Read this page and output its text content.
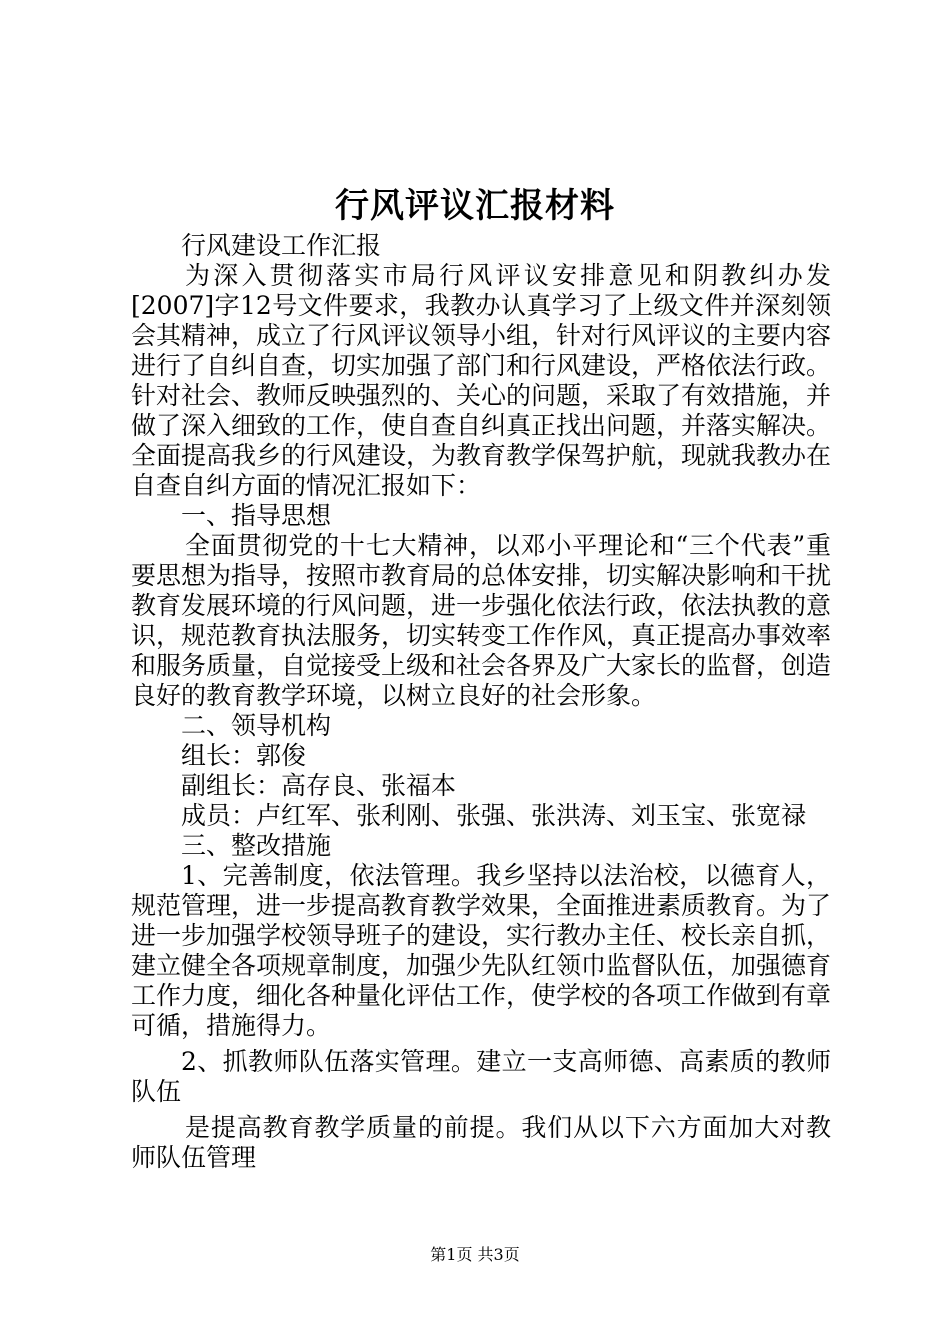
行风评议汇报材料

行风建设工作汇报

为深入贯彻落实市局行风评议安排意见和阴教纠办发[2007]字12号文件要求，我教办认真学习了上级文件并深刻领会其精神，成立了行风评议领导小组，针对行风评议的主要内容进行了自纠自查，切实加强了部门和行风建设，严格依法行政。针对社会、教师反映强烈的、关心的问题，采取了有效措施，并做了深入细致的工作，使自查自纠真正找出问题，并落实解决。全面提高我乡的行风建设，为教育教学保驾护航，现就我教办在自查自纠方面的情况汇报如下：

一、指导思想

全面贯彻党的十七大精神，以邓小平理论和“三个代表”重要思想为指导，按照市教育局的总体安排，切实解决影响和干扰教育发展环境的行风问题，进一步强化依法行政，依法执教的意识，规范教育执法服务，切实转变工作作风，真正提高办事效率和服务质量，自觉接受上级和社会各界及广大家长的监督，创造良好的教育教学环境，以树立良好的社会形象。

二、领导机构

组长：郭俊

副组长：高存良、张福本

成员：卢红军、张利刚、张强、张洪涛、刘玉宝、张宽禄

三、整改措施

1、完善制度，依法管理。我乡坚持以法治校，以德育人，规范管理，进一步提高教育教学效果，全面推进素质教育。为了进一步加强学校领导班子的建设，实行教办主任、校长亲自抓，建立健全各项规章制度，加强少先队红领巾监督队伍，加强德育工作力度，细化各种量化评估工作，使学校的各项工作做到有章可循，措施得力。

2、抓教师队伍落实管理。建立一支高师德、高素质的教师队伍

是提高教育教学质量的前提。我们从以下六方面加大对教师队伍管理

第1页 共3页
